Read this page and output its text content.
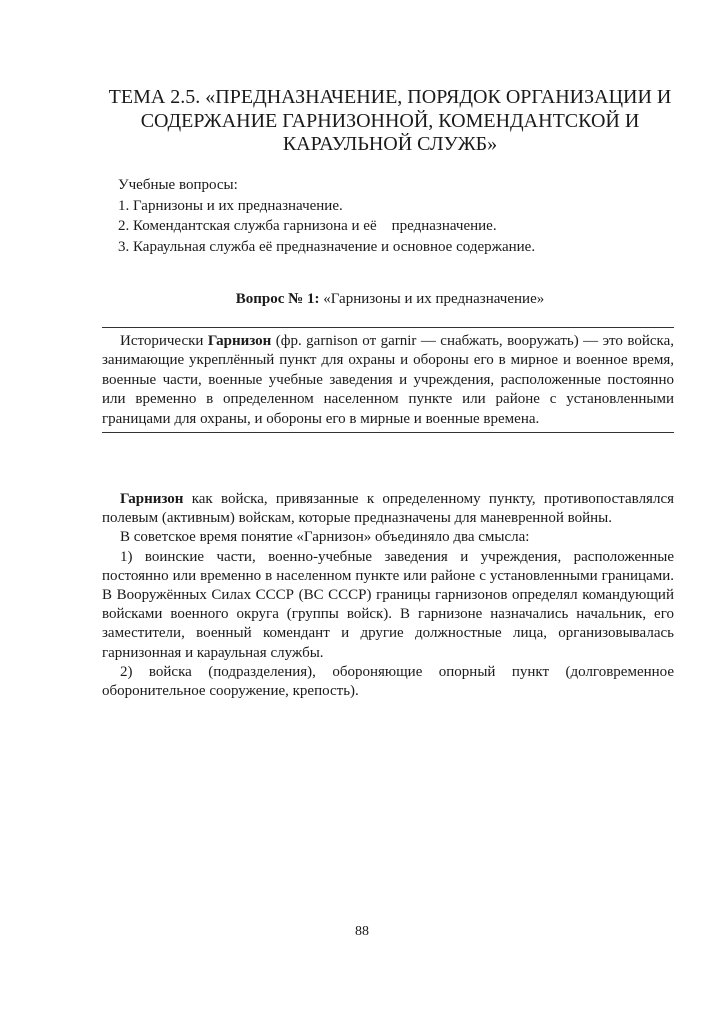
ТЕМА 2.5. «ПРЕДНАЗНАЧЕНИЕ, ПОРЯДОК ОРГАНИЗАЦИИ И
СОДЕРЖАНИЕ ГАРНИЗОННОЙ, КОМЕНДАНТСКОЙ И
КАРАУЛЬНОЙ СЛУЖБ»
Учебные вопросы:
1. Гарнизоны и их предназначение.
2. Комендантская служба гарнизона и её    предназначение.
3. Караульная служба её предназначение и основное содержание.
Вопрос № 1: «Гарнизоны и их предназначение»

Исторически Гарнизон (фр. garnison от garnir — снабжать, вооружать) — это войска, занимающие укреплённый пункт для охраны и обороны его в мирное и военное время, военные части, военные учебные заведения и учреждения, расположенные постоянно или временно в определенном населенном пункте или районе с установленными границами для охраны, и обороны его в мирные и военные времена.

Гарнизон как войска, привязанные к определенному пункту, противопоставлялся полевым (активным) войскам, которые предназначены для маневренной войны.

В советское время понятие «Гарнизон» объединяло два смысла:

1) воинские части, военно-учебные заведения и учреждения, расположенные постоянно или временно в населенном пункте или районе с установленными границами. В Вооружённых Силах СССР (ВС СССР) границы гарнизонов определял командующий войсками военного округа (группы войск). В гарнизоне назначались начальник, его заместители, военный комендант и другие должностные лица, организовывалась гарнизонная и караульная службы.

2) войска (подразделения), обороняющие опорный пункт (долговременное оборонительное сооружение, крепость).

88
